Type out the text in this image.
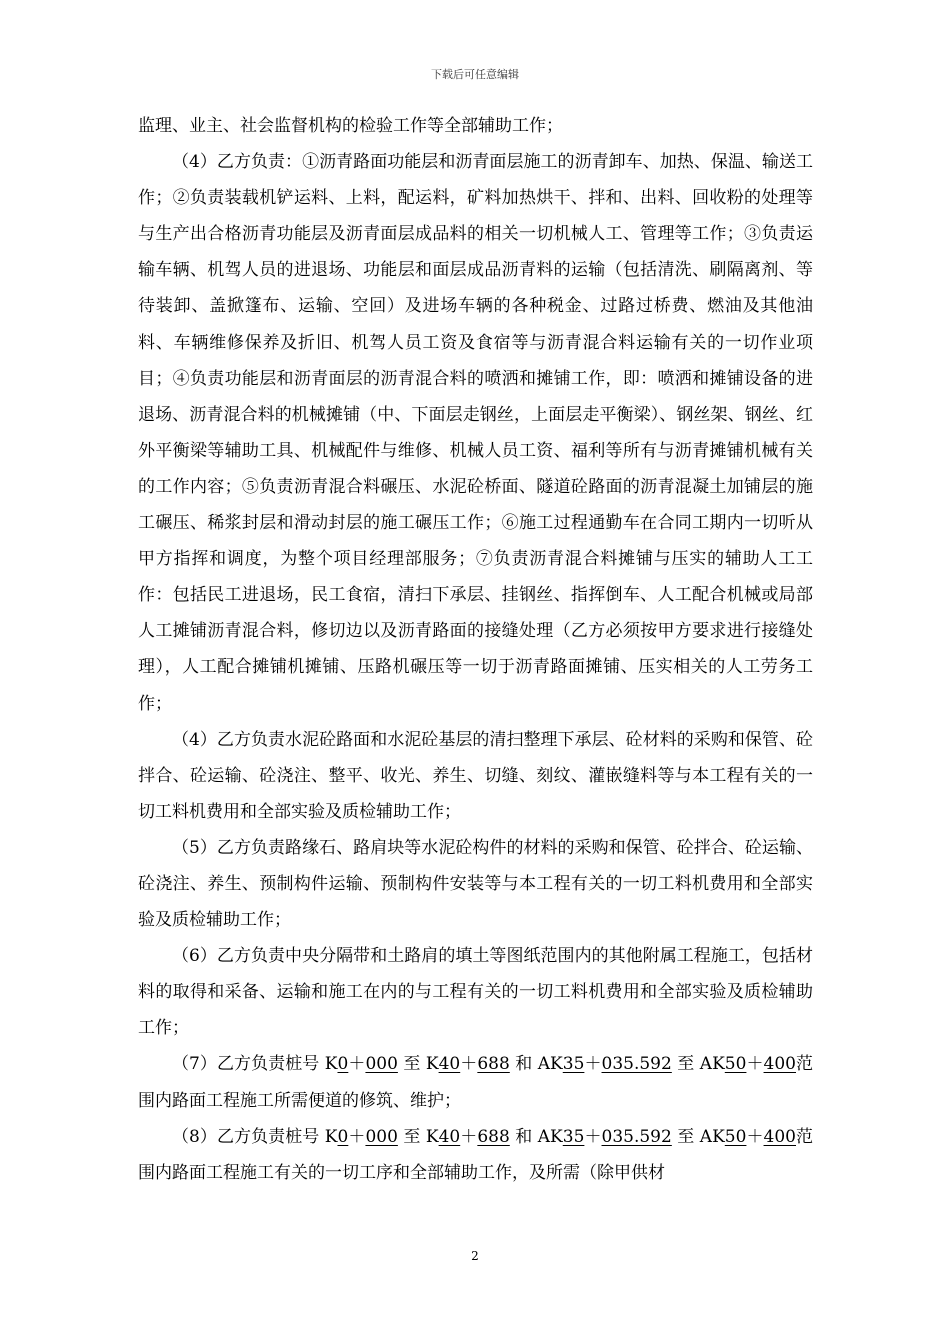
下载后可任意编辑

监理、业主、社会监督机构的检验工作等全部辅助工作；

（4）乙方负责：①沥青路面功能层和沥青面层施工的沥青卸车、加热、保温、输送工作；②负责装载机铲运料、上料，配运料，矿料加热烘干、拌和、出料、回收粉的处理等与生产出合格沥青功能层及沥青面层成品料的相关一切机械人工、管理等工作；③负责运输车辆、机驾人员的进退场、功能层和面层成品沥青料的运输（包括清洗、刷隔离剂、等待装卸、盖掀篷布、运输、空回）及进场车辆的各种税金、过路过桥费、燃油及其他油料、车辆维修保养及折旧、机驾人员工资及食宿等与沥青混合料运输有关的一切作业项目；④负责功能层和沥青面层的沥青混合料的喷洒和摊铺工作，即：喷洒和摊铺设备的进退场、沥青混合料的机械摊铺（中、下面层走钢丝，上面层走平衡梁）、钢丝架、钢丝、红外平衡梁等辅助工具、机械配件与维修、机械人员工资、福利等所有与沥青摊铺机械有关的工作内容；⑤负责沥青混合料碾压、水泥砼桥面、隧道砼路面的沥青混凝土加铺层的施工碾压、稀浆封层和滑动封层的施工碾压工作；⑥施工过程通勤车在合同工期内一切听从甲方指挥和调度，为整个项目经理部服务；⑦负责沥青混合料摊铺与压实的辅助人工工作：包括民工进退场，民工食宿，清扫下承层、挂钢丝、指挥倒车、人工配合机械或局部人工摊铺沥青混合料，修切边以及沥青路面的接缝处理（乙方必须按甲方要求进行接缝处理），人工配合摊铺机摊铺、压路机碾压等一切于沥青路面摊铺、压实相关的人工劳务工作；

（4）乙方负责水泥砼路面和水泥砼基层的清扫整理下承层、砼材料的采购和保管、砼拌合、砼运输、砼浇注、整平、收光、养生、切缝、刻纹、灌嵌缝料等与本工程有关的一切工料机费用和全部实验及质检辅助工作；

（5）乙方负责路缘石、路肩块等水泥砼构件的材料的采购和保管、砼拌合、砼运输、砼浇注、养生、预制构件运输、预制构件安装等与本工程有关的一切工料机费用和全部实验及质检辅助工作；

（6）乙方负责中央分隔带和土路肩的填土等图纸范围内的其他附属工程施工，包括材料的取得和采备、运输和施工在内的与工程有关的一切工料机费用和全部实验及质检辅助工作；

（7）乙方负责桩号 K0＋000 至 K40＋688 和 AK35＋035.592 至 AK50＋400范围内路面工程施工所需便道的修筑、维护；

（8）乙方负责桩号 K0＋000 至 K40＋688 和 AK35＋035.592 至 AK50＋400范围内路面工程施工有关的一切工序和全部辅助工作，及所需（除甲供材

2
